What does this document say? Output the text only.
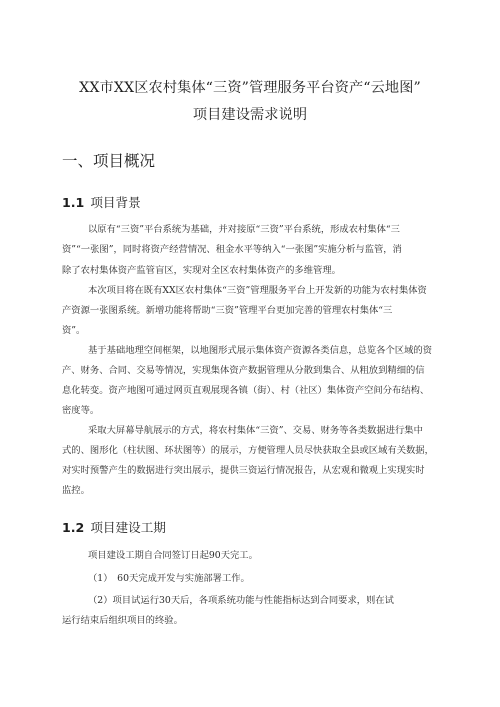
XX市XX区农村集体“三资”管理服务平台资产“云地图”
项目建设需求说明
一、项目概况
1.1 项目背景
以原有“三资”平台系统为基础，并对接原“三资”平台系统，形成农村集体“三
资”“一张图”，同时将资产经营情况、租金水平等纳入“一张图”实施分析与监管，消
除了农村集体资产监管盲区，实现对全区农村集体资产的多维管理。
本次项目将在既有XX区农村集体“三资”管理服务平台上开发新的功能为农村集体资
产资源一张图系统。新增功能将帮助“三资”管理平台更加完善的管理农村集体“三
资”。
基于基础地理空间框架，以地图形式展示集体资产资源各类信息，总览各个区域的资
产、财务、合同、交易等情况，实现集体资产数据管理从分散到集合、从粗放到精细的信
息化转变。资产地图可通过网页直观展现各镇（街）、村（社区）集体资产空间分布结构、
密度等。
采取大屏幕导航展示的方式，将农村集体“三资”、交易、财务等各类数据进行集中
式的、图形化（柱状图、环状图等）的展示，方便管理人员尽快获取全县或区域有关数据，
对实时预警产生的数据进行突出展示，提供三资运行情况报告，从宏观和微观上实现实时
监控。
1.2 项目建设工期
项目建设工期自合同签订日起90天完工。
（1）　60天完成开发与实施部署工作。
（2）项目试运行30天后，各项系统功能与性能指标达到合同要求，则在试
运行结束后组织项目的终验。
